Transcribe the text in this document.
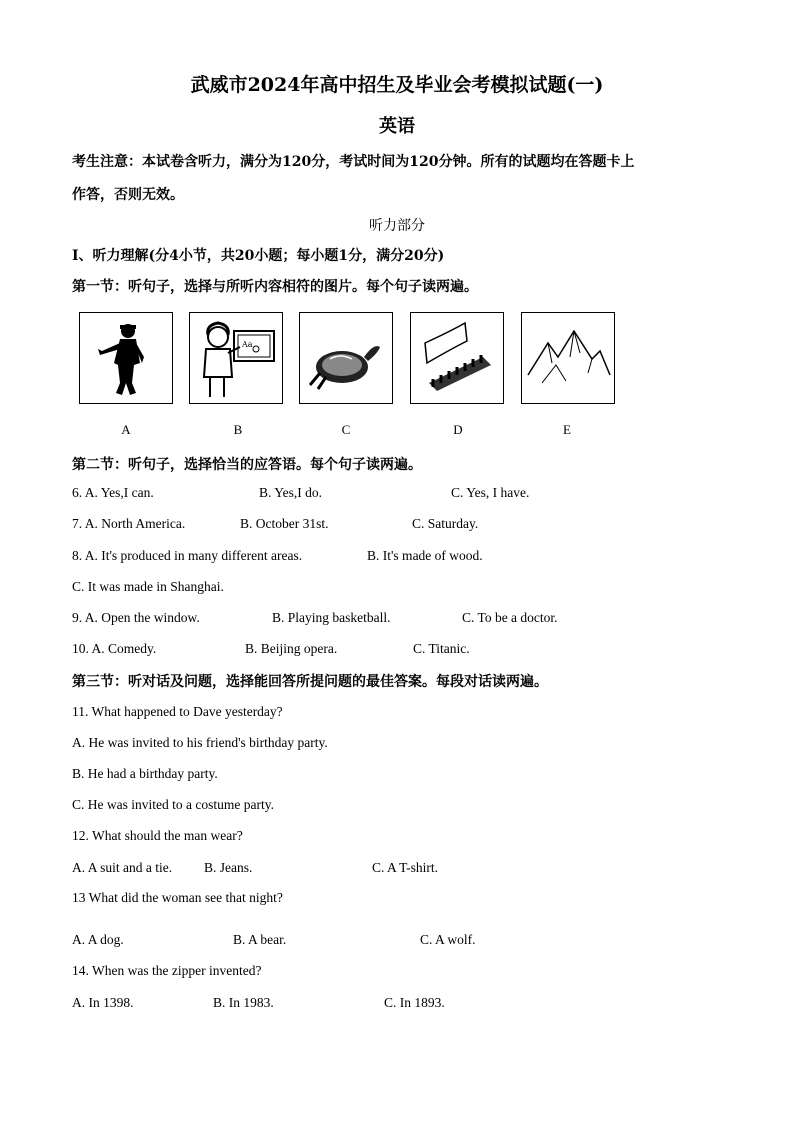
武威市2024年高中招生及毕业会考模拟试题(一)
英语
考生注意：本试卷含听力，满分为120分，考试时间为120分钟。所有的试题均在答题卡上
作答，否则无效。
听力部分
Ⅰ、听力理解(分4小节，共20小题；每小题1分，满分20分)
第一节：听句子，选择与所听内容相符的图片。每个句子读两遍。
Aa
A	B	C	D	E
第二节：听句子，选择恰当的应答语。每个句子读两遍。
6. A. Yes,I can.	B. Yes,I do.	C. Yes, I have.
7. A. North America.	B. October 31st.	C. Saturday.
8. A. It's produced in many different areas.	B. It's made of wood.
C. It was made in Shanghai.
9. A. Open the window.	B. Playing basketball.	C. To be a doctor.
10. A. Comedy.	B. Beijing opera.	C. Titanic.
第三节：听对话及问题，选择能回答所提问题的最佳答案。每段对话读两遍。
11. What happened to Dave yesterday?
A. He was invited to his friend's birthday party.
B. He had a birthday party.
C. He was invited to a costume party.
12. What should the man wear?
A. A suit and a tie. B. Jeans.	C. A T-shirt.
13 What did the woman see that night?
A. A dog.	B. A bear.	C. A wolf.
14. When was the zipper invented?
A. In 1398.	B. In 1983.	C. In 1893.
